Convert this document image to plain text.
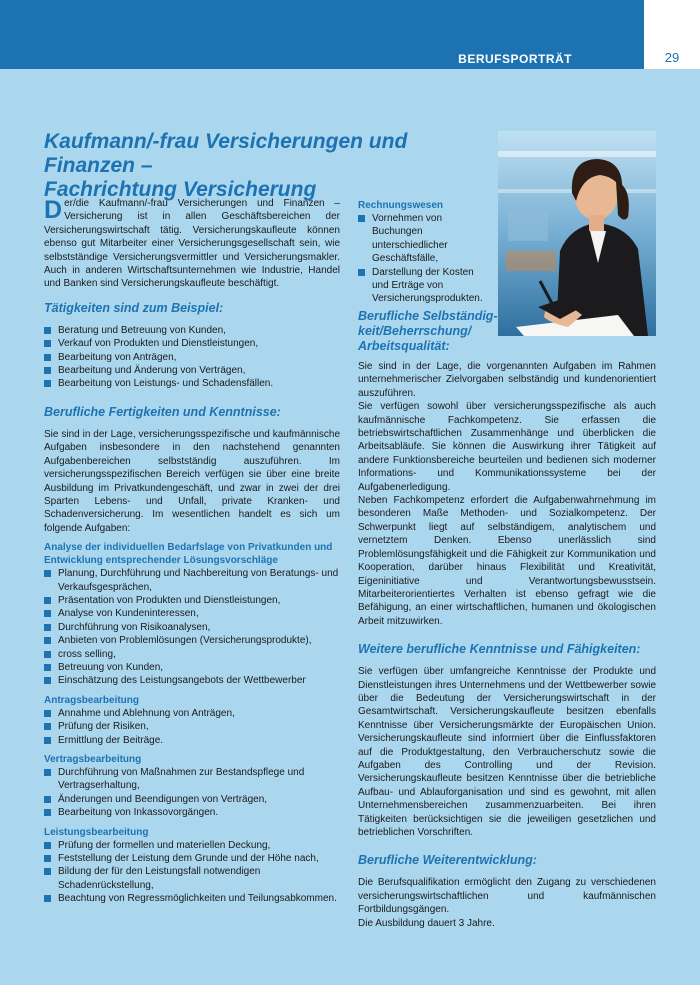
BERUFSPORTRÄT	29
Kaufmann/-frau Versicherungen und Finanzen –
Fachrichtung Versicherung

Der/die Kaufmann/-frau Versicherungen und Finanzen – Versicherung ist in allen Geschäftsbereichen der Versicherungswirtschaft tätig. Versicherungskaufleute können ebenso gut Mitarbeiter einer Versicherungsgesellschaft sein, wie selbstständige Versicherungsvermittler und Versicherungsmakler. Auch in anderen Wirtschaftsunternehmen wie Industrie, Handel und Banken sind Versicherungskaufleute beschäftigt.

Tätigkeiten sind zum Beispiel:
Beratung und Betreuung von Kunden,
Verkauf von Produkten und Dienstleistungen,
Bearbeitung von Anträgen,
Bearbeitung und Änderung von Verträgen,
Bearbeitung von Leistungs- und Schadensfällen.
Berufliche Fertigkeiten und Kenntnisse:

Sie sind in der Lage, versicherungsspezifische und kaufmännische Aufgaben insbesondere in den nachstehend genannten Aufgabenbereichen selbstständig auszuführen. Im versicherungsspezifischen Bereich verfügen sie über eine breite Ausbildung im Privatkundengeschäft, und zwar in zwei der drei Sparten Lebens- und Unfall, private Kranken- und Schadenversicherung. Im wesentlichen handelt es sich um folgende Aufgaben:

Analyse der individuellen Bedarfslage von Privatkunden und Entwicklung entsprechender Lösungsvorschläge
Planung, Durchführung und Nachbereitung von Beratungs- und Verkaufsgesprächen,
Präsentation von Produkten und Dienstleistungen,
Analyse von Kundeninteressen,
Durchführung von Risikoanalysen,
Anbieten von Problemlösungen (Versicherungsprodukte),
cross selling,
Betreuung von Kunden,
Einschätzung des Leistungsangebots der Wettbewerber
Antragsbearbeitung
Annahme und Ablehnung von Anträgen,
Prüfung der Risiken,
Ermittlung der Beiträge.
Vertragsbearbeitung
Durchführung von Maßnahmen zur Bestandspflege und Vertragserhaltung,
Änderungen und Beendigungen von Verträgen,
Bearbeitung von Inkassovorgängen.
Leistungsbearbeitung
Prüfung der formellen und materiellen Deckung,
Feststellung der Leistung dem Grunde und der Höhe nach,
Bildung der für den Leistungsfall notwendigen Schadenrückstellung,
Beachtung von Regressmöglichkeiten und Teilungsabkommen.
Rechnungswesen
Vornehmen von Buchungen unterschiedlicher Geschäftsfälle,
Darstellung der Kosten und Erträge von Versicherungsprodukten.
Berufliche Selbständig-
keit/Beherrschung/
Arbeitsqualität:

Sie sind in der Lage, die vorgenannten Aufgaben im Rahmen unternehmerischer Zielvorgaben selbständig und kundenorientiert auszuführen.

Sie verfügen sowohl über versicherungsspezifische als auch kaufmännische Fachkompetenz. Sie erfassen die betriebswirtschaftlichen Zusammenhänge und überblicken die Arbeitsabläufe. Sie können die Auswirkung ihrer Tätigkeit auf andere Funktionsbereiche beurteilen und bedienen sich moderner Informations- und Kommunikationssysteme bei der Aufgabenerledigung.

Neben Fachkompetenz erfordert die Aufgabenwahrnehmung im besonderen Maße Methoden- und Sozialkompetenz. Der Schwerpunkt liegt auf selbständigem, analytischem und vernetztem Denken. Ebenso unerlässlich sind Problemlösungsfähigkeit und die Fähigkeit zur Kommunikation und Kooperation, darüber hinaus Flexibilität und Kreativität, Eigeninitiative und Verantwortungsbewusstsein. Mitarbeiterorientiertes Verhalten ist ebenso gefragt wie die Befähigung, an einer wirtschaftlichen, humanen und ökologischen Arbeit mitzuwirken.

Weitere berufliche Kenntnisse und Fähigkeiten:

Sie verfügen über umfangreiche Kenntnisse der Produkte und Dienstleistungen ihres Unternehmens und der Wettbewerber sowie über die Bedeutung der Versicherungswirtschaft in der Gesamtwirtschaft. Versicherungskaufleute besitzen ebenfalls Kenntnisse über Versicherungsmärkte der Europäischen Union. Versicherungskaufleute sind informiert über die Einflussfaktoren auf die Produktgestaltung, den Verbraucherschutz sowie die Aufgaben des Controlling und der Revision. Versicherungskaufleute besitzen Kenntnisse über die betriebliche Aufbau- und Ablauforganisation und sind es gewohnt, mit allen Unternehmensbereichen zusammenzuarbeiten. Bei ihren Tätigkeiten berücksichtigen sie die jeweiligen gesetzlichen und betrieblichen Vorschriften.

Berufliche Weiterentwicklung:

Die Berufsqualifikation ermöglicht den Zugang zu verschiedenen versicherungswirtschaftlichen und kaufmännischen Fortbildungsgängen.

Die Ausbildung dauert 3 Jahre.
